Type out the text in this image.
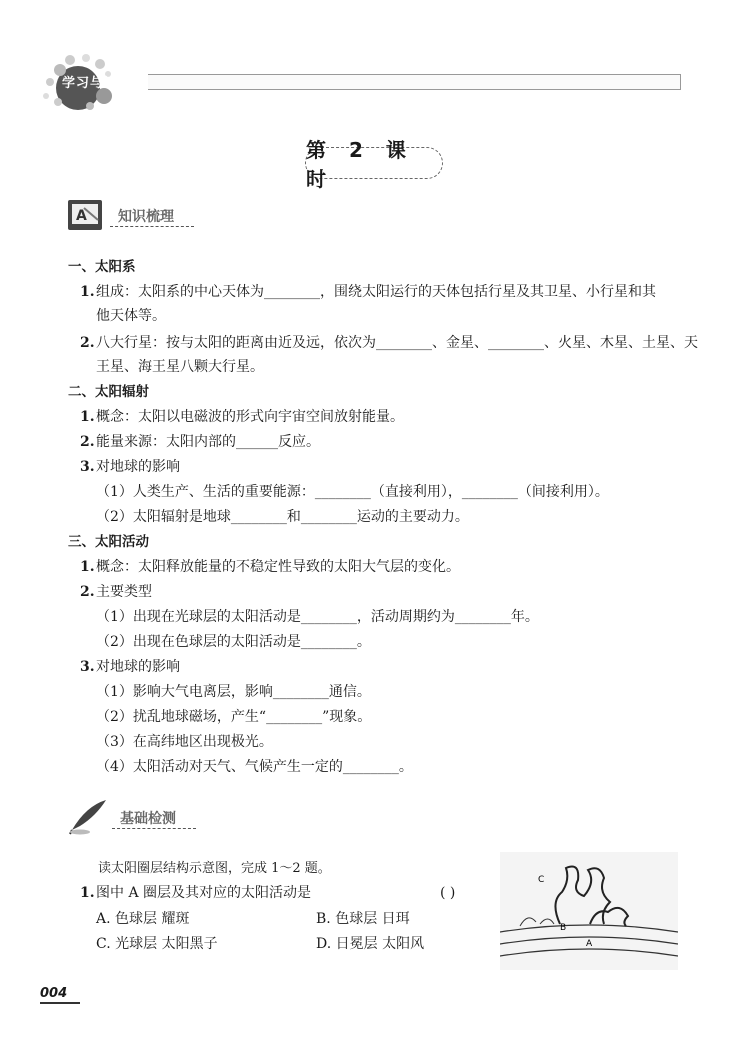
学习与评价
第 2 课 时
A 知识梳理
一、太阳系
1. 组成：太阳系的中心天体为________，围绕太阳运行的天体包括行星及其卫星、小行星和其
他天体等。
2. 八大行星：按与太阳的距离由近及远，依次为________、金星、________、火星、木星、土星、天
王星、海王星八颗大行星。
二、太阳辐射
1. 概念：太阳以电磁波的形式向宇宙空间放射能量。
2. 能量来源：太阳内部的______反应。
3. 对地球的影响
（1）人类生产、生活的重要能源：________（直接利用），________（间接利用）。
（2）太阳辐射是地球________和________运动的主要动力。
三、太阳活动
1. 概念：太阳释放能量的不稳定性导致的太阳大气层的变化。
2. 主要类型
（1）出现在光球层的太阳活动是________，活动周期约为________年。
（2）出现在色球层的太阳活动是________。
3. 对地球的影响
（1）影响大气电离层，影响________通信。
（2）扰乱地球磁场，产生“________”现象。
（3）在高纬地区出现极光。
（4）太阳活动对天气、气候产生一定的________。
基础检测
读太阳圈层结构示意图，完成 1～2 题。
1. 图中 A 圈层及其对应的太阳活动是	( )
A. 色球层 耀斑	B. 色球层 日珥
C. 光球层 太阳黑子	D. 日冕层 太阳风
C
B
A
004
